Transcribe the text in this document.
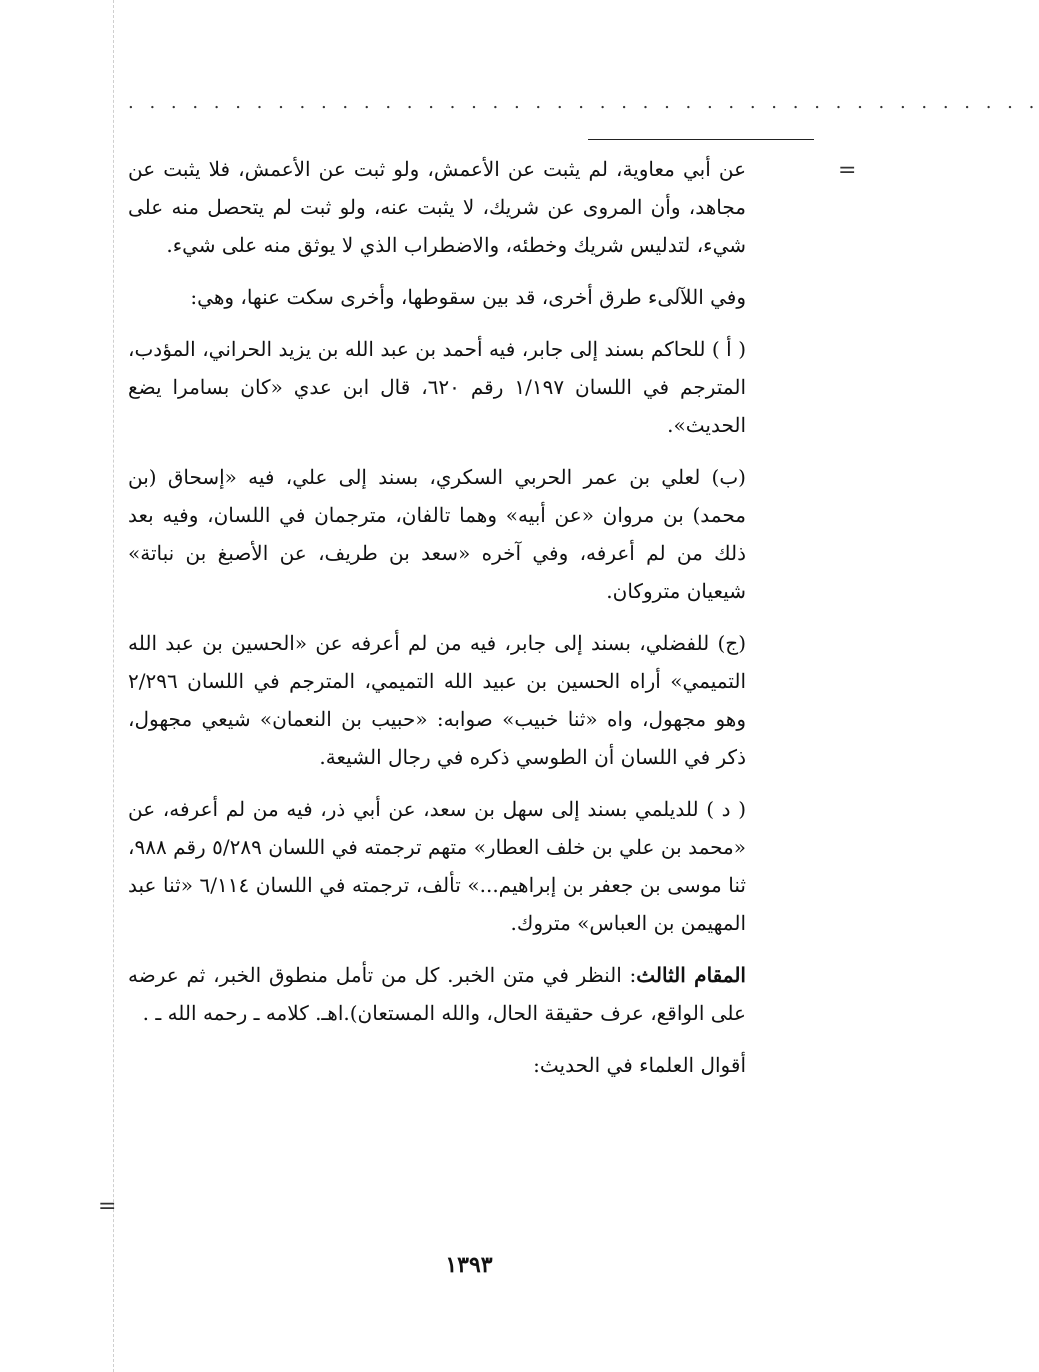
. . . . . . . . . . . . . . . . . . . . . . . . . . . . . . . . . . . . . . . . . . .
=
=

عن أبي معاوية، لم يثبت عن الأعمش، ولو ثبت عن الأعمش، فلا يثبت عن مجاهد، وأن المروى عن شريك، لا يثبت عنه، ولو ثبت لم يتحصل منه على شيء، لتدليس شريك وخطئه، والاضطراب الذي لا يوثق منه على شيء.

وفي اللآلىء طرق أخرى، قد بين سقوطها، وأخرى سكت عنها، وهي:

( أ ) للحاكم بسند إلى جابر، فيه أحمد بن عبد الله بن يزيد الحراني، المؤدب، المترجم في اللسان ١/١٩٧ رقم ٦٢٠، قال ابن عدي «كان بسامرا يضع الحديث».

(ب) لعلي بن عمر الحربي السكري، بسند إلى علي، فيه «إسحاق (بن محمد) بن مروان «عن أبيه» وهما تالفان، مترجمان في اللسان، وفيه بعد ذلك من لم أعرفه، وفي آخره «سعد بن طريف، عن الأصبغ بن نباتة» شيعيان متروكان.

(ج) للفضلي، بسند إلى جابر، فيه من لم أعرفه عن «الحسين بن عبد الله التميمي» أراه الحسين بن عبيد الله التميمي، المترجم في اللسان ٢/٢٩٦ وهو مجهول، واه «ثنا خبيب» صوابه: «حبيب بن النعمان» شيعي مجهول، ذكر في اللسان أن الطوسي ذكره في رجال الشيعة.

( د ) للديلمي بسند إلى سهل بن سعد، عن أبي ذر، فيه من لم أعرفه، عن «محمد بن علي بن خلف العطار» متهم ترجمته في اللسان ٥/٢٨٩ رقم ٩٨٨، ثنا موسى بن جعفر بن إبراهيم...» تألف، ترجمته في اللسان ٦/١١٤ «ثنا عبد المهيمن بن العباس» متروك.

المقام الثالث: النظر في متن الخبر. كل من تأمل منطوق الخبر، ثم عرضه على الواقع، عرف حقيقة الحال، والله المستعان).اهـ. كلامه ـ رحمه الله ـ .

أقوال العلماء في الحديث:

١٣٩٣
